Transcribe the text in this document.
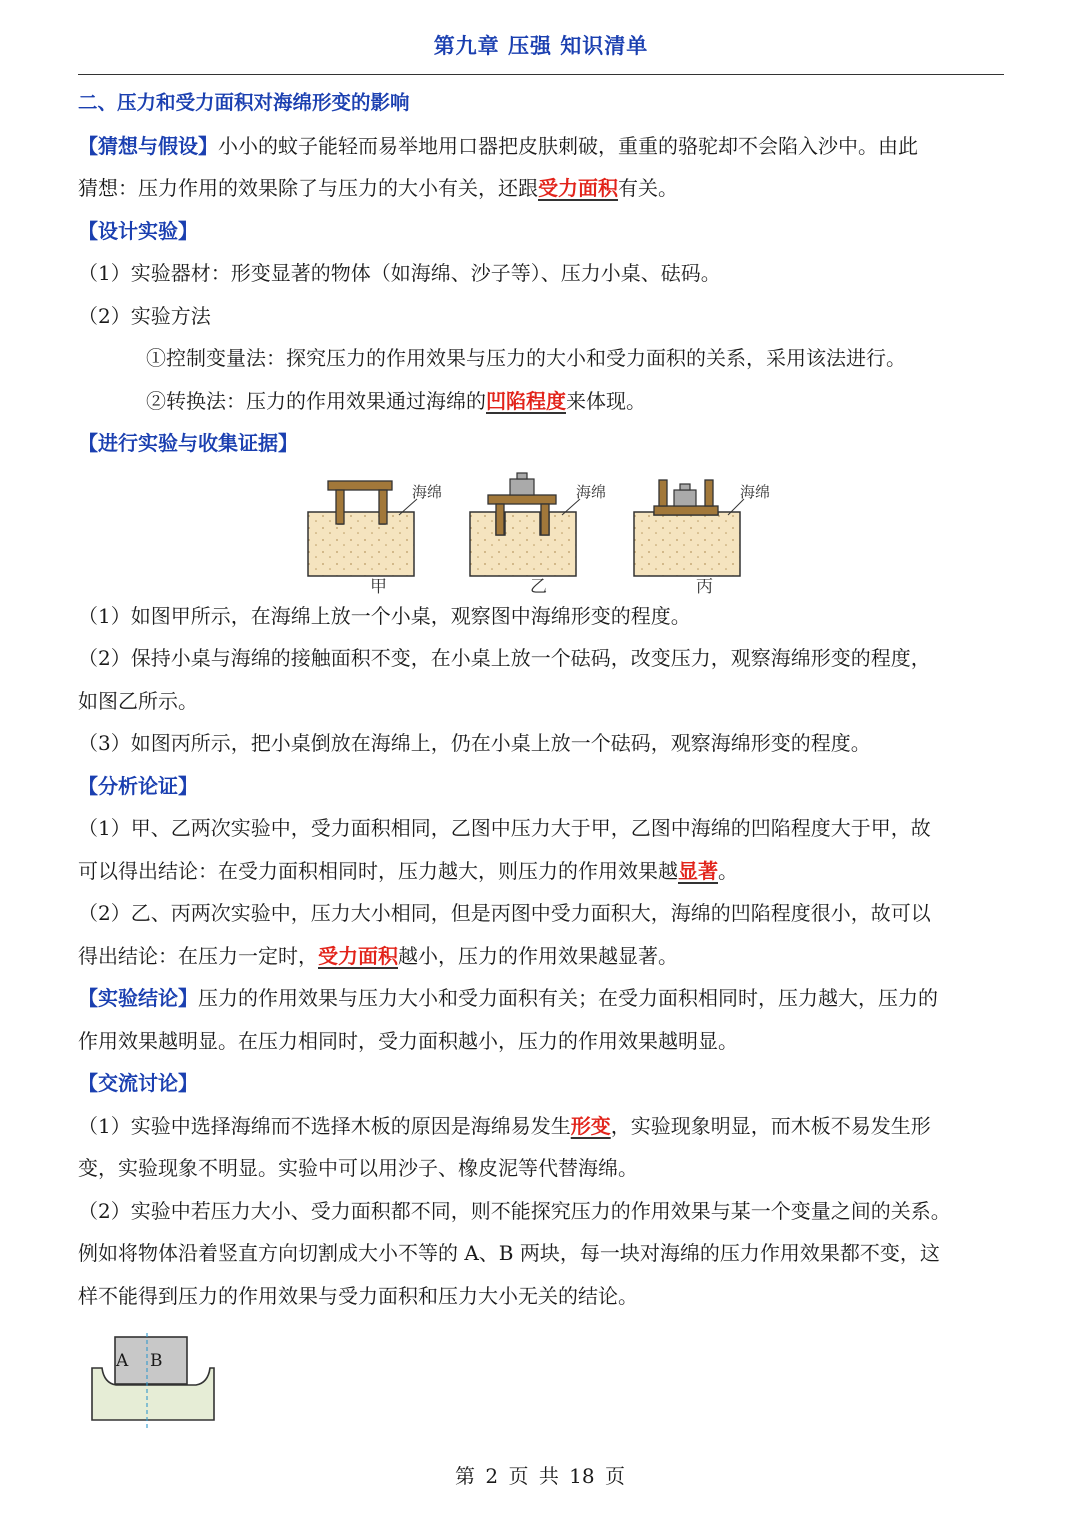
第九章 压强 知识清单
二、压力和受力面积对海绵形变的影响
【猜想与假设】小小的蚊子能轻而易举地用口器把皮肤刺破，重重的骆驼却不会陷入沙中。由此
猜想：压力作用的效果除了与压力的大小有关，还跟受力面积有关。
【设计实验】
（1）实验器材：形变显著的物体（如海绵、沙子等）、压力小桌、砝码。
（2）实验方法
①控制变量法：探究压力的作用效果与压力的大小和受力面积的关系，采用该法进行。
②转换法：压力的作用效果通过海绵的凹陷程度来体现。
【进行实验与收集证据】
海绵
甲
海绵
乙
海绵
丙
（1）如图甲所示，在海绵上放一个小桌，观察图中海绵形变的程度。
（2）保持小桌与海绵的接触面积不变，在小桌上放一个砝码，改变压力，观察海绵形变的程度，
如图乙所示。
（3）如图丙所示，把小桌倒放在海绵上，仍在小桌上放一个砝码，观察海绵形变的程度。
【分析论证】
（1）甲、乙两次实验中，受力面积相同，乙图中压力大于甲，乙图中海绵的凹陷程度大于甲，故
可以得出结论：在受力面积相同时，压力越大，则压力的作用效果越显著。
（2）乙、丙两次实验中，压力大小相同，但是丙图中受力面积大，海绵的凹陷程度很小，故可以
得出结论：在压力一定时，受力面积越小，压力的作用效果越显著。
【实验结论】压力的作用效果与压力大小和受力面积有关；在受力面积相同时，压力越大，压力的
作用效果越明显。在压力相同时，受力面积越小，压力的作用效果越明显。
【交流讨论】
（1）实验中选择海绵而不选择木板的原因是海绵易发生形变，实验现象明显，而木板不易发生形
变，实验现象不明显。实验中可以用沙子、橡皮泥等代替海绵。
（2）实验中若压力大小、受力面积都不同，则不能探究压力的作用效果与某一个变量之间的关系。
例如将物体沿着竖直方向切割成大小不等的 A、B 两块，每一块对海绵的压力作用效果都不变，这
样不能得到压力的作用效果与受力面积和压力大小无关的结论。
A B
第 2 页 共 18 页
